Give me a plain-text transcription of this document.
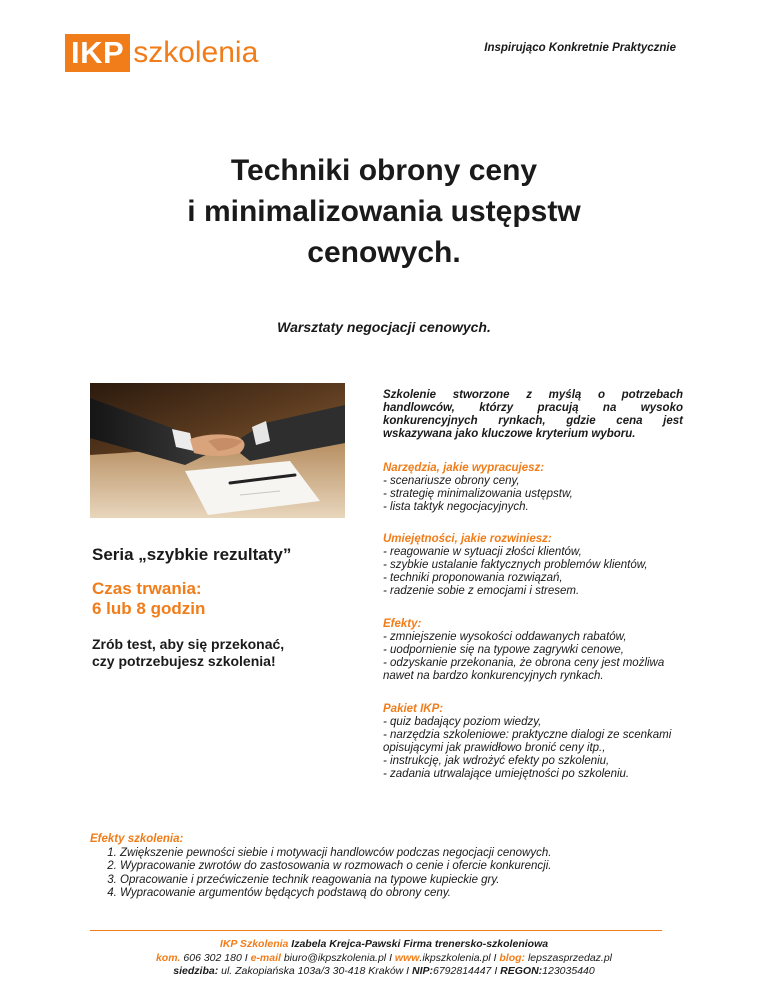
IKP szkolenia	Inspirująco Konkretnie Praktycznie
Techniki obrony ceny
i minimalizowania ustępstw
cenowych.
Warsztaty negocjacji cenowych.
Seria „szybkie rezultaty”
Czas trwania:
6 lub 8 godzin
Zrób test, aby się przekonać,
czy potrzebujesz szkolenia!
Szkolenie stworzone z myślą o potrzebach handlowców, którzy pracują na wysoko konkurencyjnych rynkach, gdzie cena jest wskazywana jako kluczowe kryterium wyboru.
Narzędzia, jakie wypracujesz:
- scenariusze obrony ceny,
- strategię minimalizowania ustępstw,
- lista taktyk negocjacyjnych.
Umiejętności, jakie rozwiniesz:
- reagowanie w sytuacji złości klientów,
- szybkie ustalanie faktycznych problemów klientów,
- techniki proponowania rozwiązań,
- radzenie sobie z emocjami i stresem.
Efekty:
- zmniejszenie wysokości oddawanych rabatów,
- uodpornienie się na typowe zagrywki cenowe,
- odzyskanie przekonania, że obrona ceny jest możliwa nawet na bardzo konkurencyjnych rynkach.
Pakiet IKP:
- quiz badający poziom wiedzy,
- narzędzia szkoleniowe: praktyczne dialogi ze scenkami opisującymi jak prawidłowo bronić ceny itp.,
- instrukcję, jak wdrożyć efekty po szkoleniu,
- zadania utrwalające umiejętności po szkoleniu.
Efekty szkolenia:
1. Zwiększenie pewności siebie i motywacji handlowców podczas negocjacji cenowych.
2. Wypracowanie zwrotów do zastosowania w rozmowach o cenie i ofercie konkurencji.
3. Opracowanie i przećwiczenie technik reagowania na typowe kupieckie gry.
4. Wypracowanie argumentów będących podstawą do obrony ceny.
IKP Szkolenia Izabela Krejca-Pawski Firma trenersko-szkoleniowa
kom. 606 302 180 I e-mail biuro@ikpszkolenia.pl I www.ikpszkolenia.pl I blog: lepszasprzedaz.pl
siedziba: ul. Zakopiańska 103a/3 30-418 Kraków I NIP:6792814447 I REGON:123035440
